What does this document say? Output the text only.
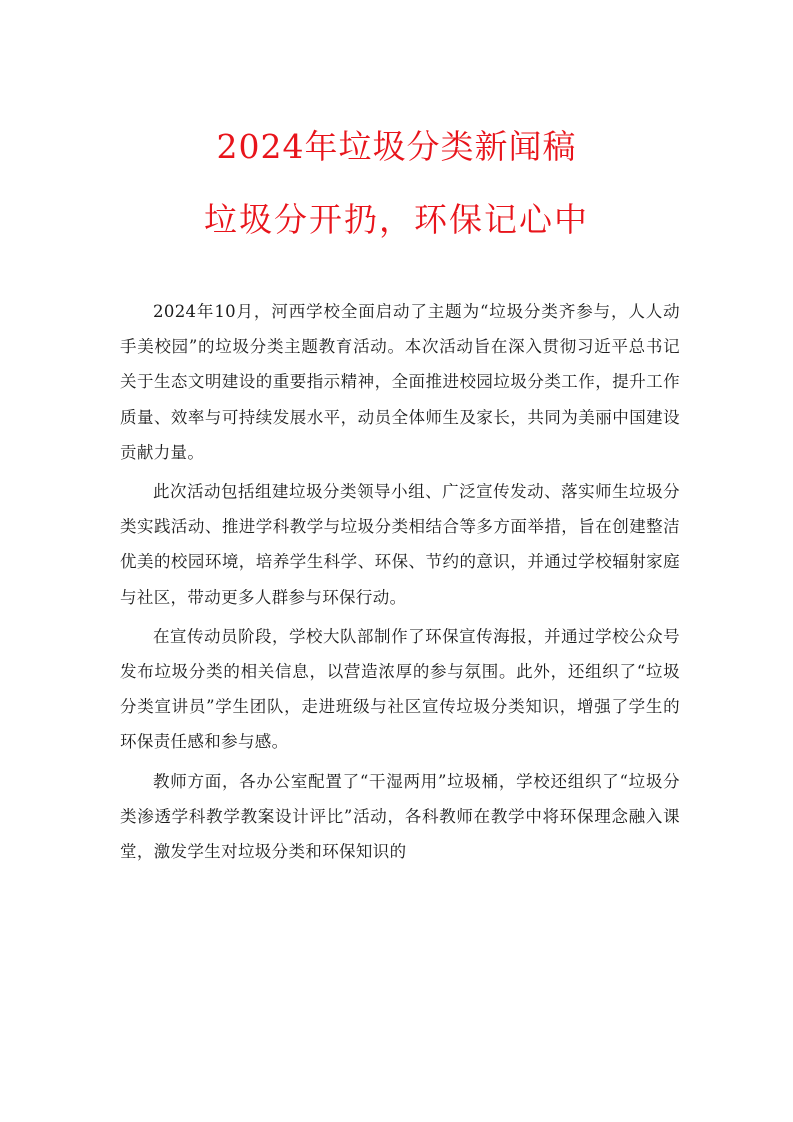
2024年垃圾分类新闻稿
垃圾分开扔，环保记心中

2024年10月，河西学校全面启动了主题为“垃圾分类齐参与，人人动手美校园”的垃圾分类主题教育活动。本次活动旨在深入贯彻习近平总书记关于生态文明建设的重要指示精神，全面推进校园垃圾分类工作，提升工作质量、效率与可持续发展水平，动员全体师生及家长，共同为美丽中国建设贡献力量。

此次活动包括组建垃圾分类领导小组、广泛宣传发动、落实师生垃圾分类实践活动、推进学科教学与垃圾分类相结合等多方面举措，旨在创建整洁优美的校园环境，培养学生科学、环保、节约的意识，并通过学校辐射家庭与社区，带动更多人群参与环保行动。

在宣传动员阶段，学校大队部制作了环保宣传海报，并通过学校公众号发布垃圾分类的相关信息，以营造浓厚的参与氛围。此外，还组织了“垃圾分类宣讲员”学生团队，走进班级与社区宣传垃圾分类知识，增强了学生的环保责任感和参与感。

教师方面，各办公室配置了“干湿两用”垃圾桶，学校还组织了“垃圾分类渗透学科教学教案设计评比”活动，各科教师在教学中将环保理念融入课堂，激发学生对垃圾分类和环保知识的
